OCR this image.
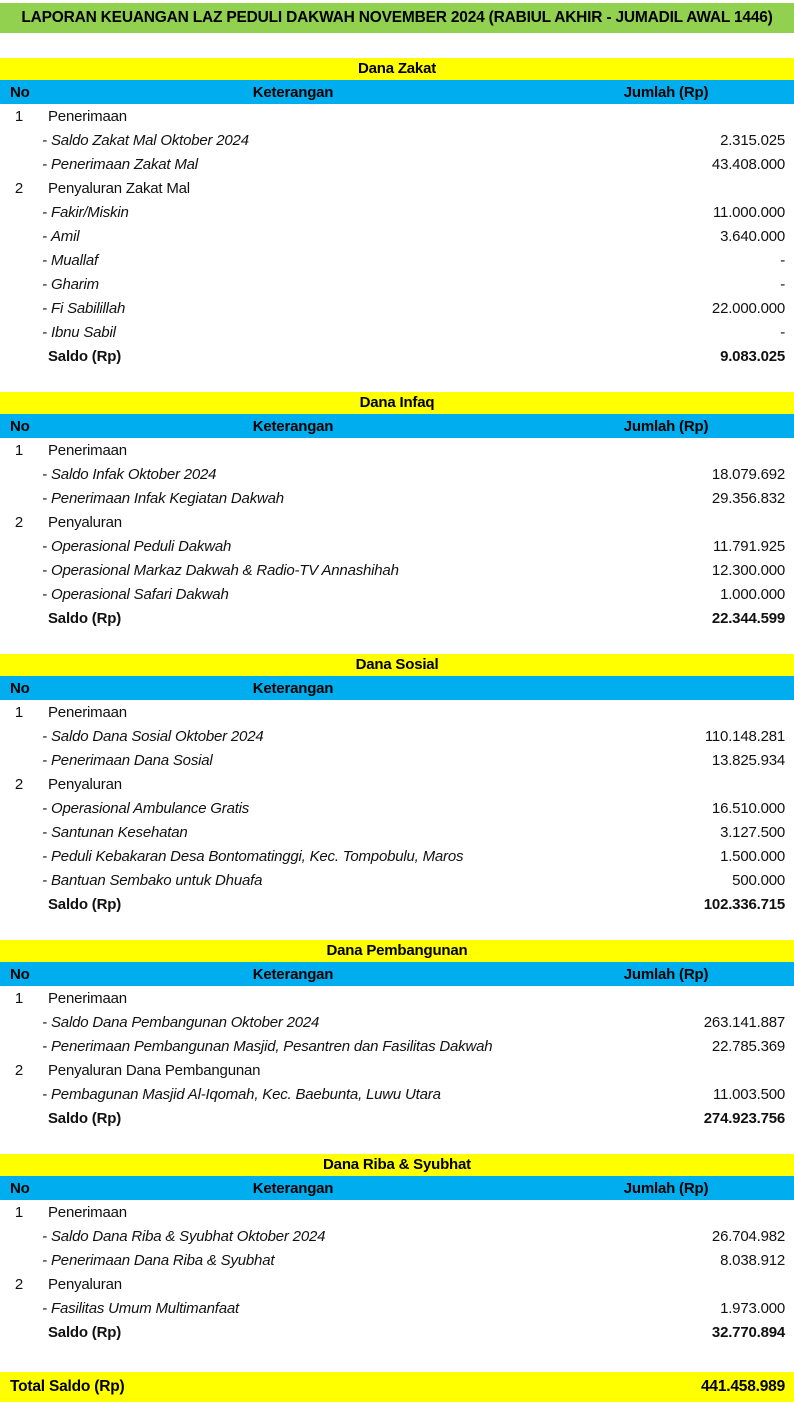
LAPORAN KEUANGAN LAZ PEDULI DAKWAH NOVEMBER 2024 (RABIUL AKHIR - JUMADIL AWAL 1446)
Dana Zakat
No	Keterangan	Jumlah (Rp)
1	Penerimaan
- Saldo Zakat Mal Oktober 2024	2.315.025
- Penerimaan Zakat Mal	43.408.000
2	Penyaluran Zakat Mal
- Fakir/Miskin	11.000.000
- Amil	3.640.000
- Muallaf	-
- Gharim	-
- Fi Sabilillah	22.000.000
- Ibnu Sabil	-
Saldo (Rp)	9.083.025
Dana Infaq
No	Keterangan	Jumlah (Rp)
1	Penerimaan
- Saldo Infak Oktober 2024	18.079.692
- Penerimaan Infak Kegiatan Dakwah	29.356.832
2	Penyaluran
- Operasional Peduli Dakwah	11.791.925
- Operasional Markaz Dakwah & Radio-TV Annashihah	12.300.000
- Operasional Safari Dakwah	1.000.000
Saldo (Rp)	22.344.599
Dana Sosial
No	Keterangan
1	Penerimaan
- Saldo Dana Sosial Oktober 2024	110.148.281
- Penerimaan Dana Sosial	13.825.934
2	Penyaluran
- Operasional Ambulance Gratis	16.510.000
- Santunan Kesehatan	3.127.500
- Peduli Kebakaran Desa Bontomatinggi, Kec. Tompobulu, Maros	1.500.000
- Bantuan Sembako untuk Dhuafa	500.000
Saldo (Rp)	102.336.715
Dana Pembangunan
No	Keterangan	Jumlah (Rp)
1	Penerimaan
- Saldo Dana Pembangunan Oktober 2024	263.141.887
- Penerimaan Pembangunan Masjid, Pesantren dan Fasilitas Dakwah	22.785.369
2	Penyaluran Dana Pembangunan
- Pembagunan Masjid Al-Iqomah, Kec. Baebunta, Luwu Utara	11.003.500
Saldo (Rp)	274.923.756
Dana Riba & Syubhat
No	Keterangan	Jumlah (Rp)
1	Penerimaan
- Saldo Dana Riba & Syubhat Oktober 2024	26.704.982
- Penerimaan Dana Riba & Syubhat	8.038.912
2	Penyaluran
- Fasilitas Umum Multimanfaat	1.973.000
Saldo (Rp)	32.770.894
Total Saldo (Rp)	441.458.989
